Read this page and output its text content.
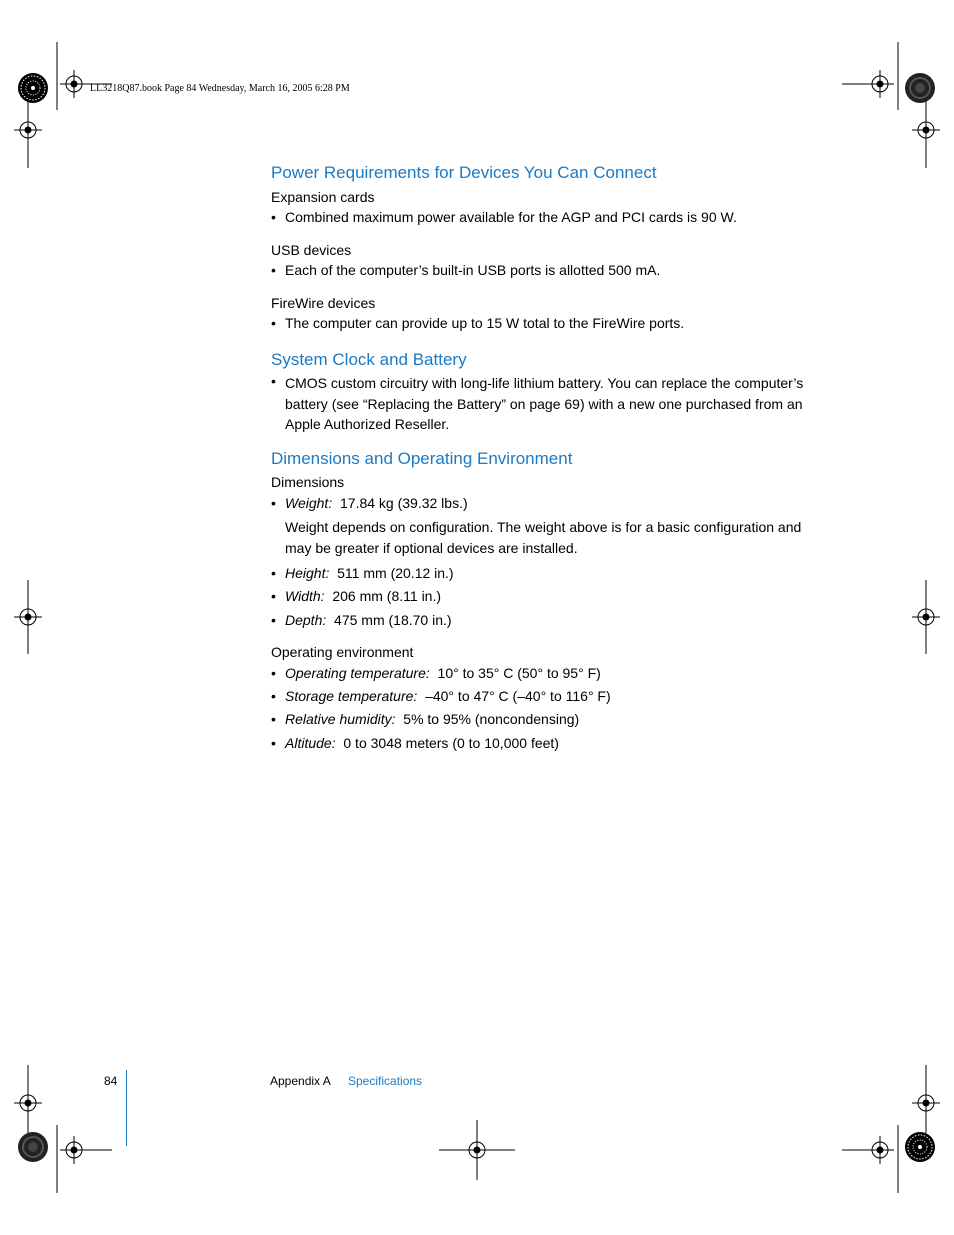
LL3218Q87.book Page 84 Wednesday, March 16, 2005 6:28 PM
Power Requirements for Devices You Can Connect
Expansion cards
• Combined maximum power available for the AGP and PCI cards is 90 W.
USB devices
• Each of the computer’s built-in USB ports is allotted 500 mA.
FireWire devices
• The computer can provide up to 15 W total to the FireWire ports.
System Clock and Battery
• CMOS custom circuitry with long-life lithium battery. You can replace the computer’s
battery (see “Replacing the Battery” on page 69) with a new one purchased from an
Apple Authorized Reseller.
Dimensions and Operating Environment
Dimensions
• Weight: 17.84 kg (39.32 lbs.)
Weight depends on configuration. The weight above is for a basic configuration and
may be greater if optional devices are installed.
• Height: 511 mm (20.12 in.)
• Width: 206 mm (8.11 in.)
• Depth: 475 mm (18.70 in.)
Operating environment
• Operating temperature: 10° to 35° C (50° to 95° F)
• Storage temperature: –40° to 47° C (–40° to 116° F)
• Relative humidity: 5% to 95% (noncondensing)
• Altitude: 0 to 3048 meters (0 to 10,000 feet)
84	Appendix A Specifications
